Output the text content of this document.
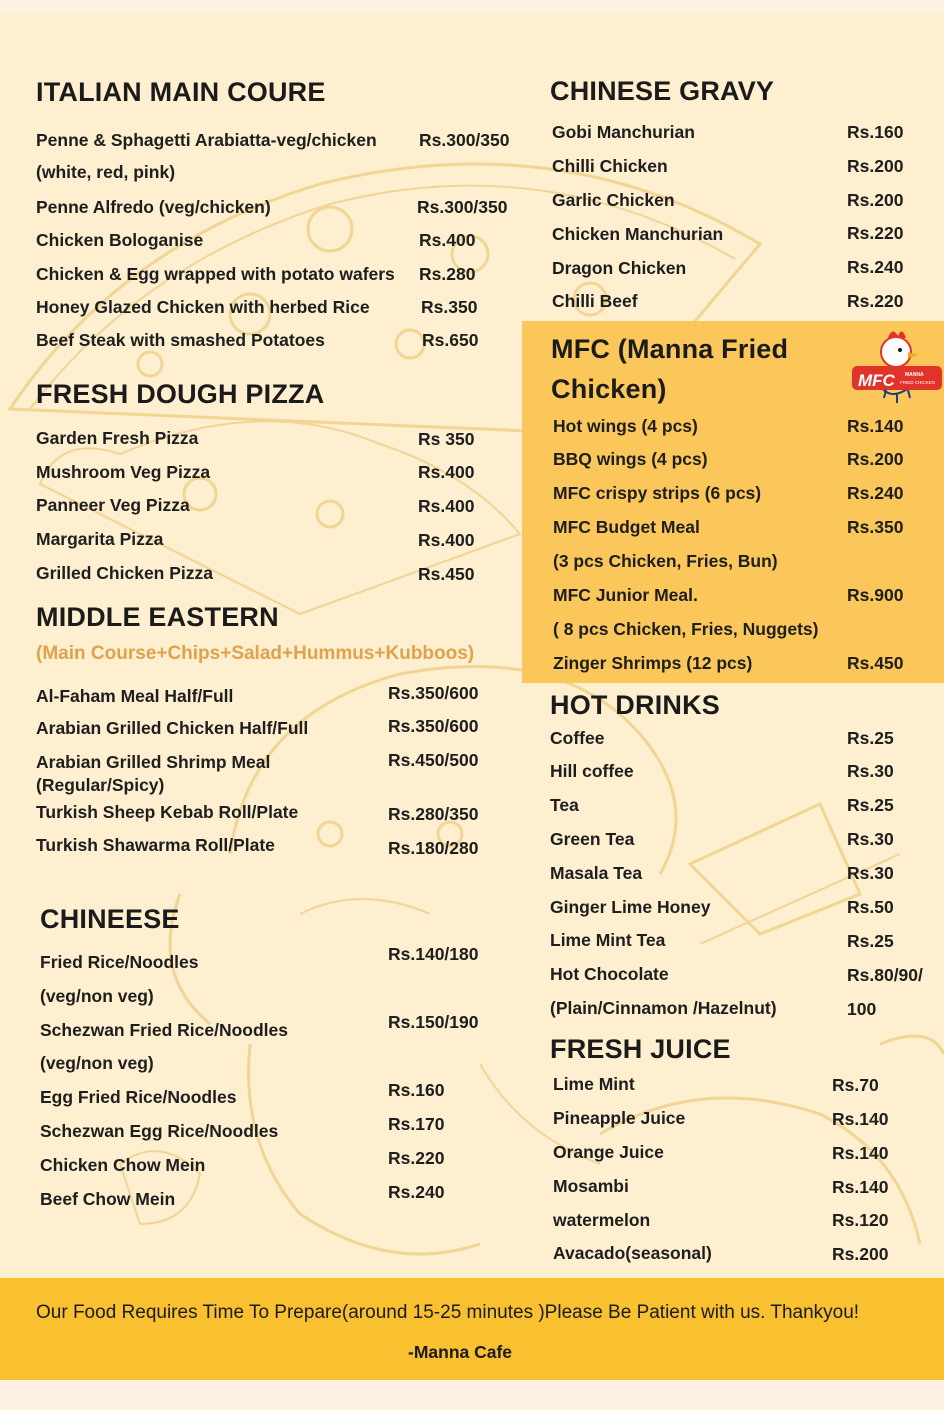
ITALIAN MAIN COURE
Penne & Sphagetti Arabiatta-veg/chicken Rs.300/350
(white, red, pink)
Penne Alfredo (veg/chicken)	Rs.300/350
Chicken Bologanise	Rs.400
Chicken & Egg wrapped with potato wafers Rs.280
Honey Glazed Chicken with herbed Rice	Rs.350
Beef Steak with smashed Potatoes	Rs.650
FRESH DOUGH PIZZA
Garden Fresh Pizza	Rs 350
Mushroom Veg Pizza	Rs.400
Panneer Veg Pizza	Rs.400
Margarita Pizza	Rs.400
Grilled Chicken Pizza	Rs.450
MIDDLE EASTERN
(Main Course+Chips+Salad+Hummus+Kubboos)
Al-Faham Meal Half/Full	Rs.350/600
Arabian Grilled Chicken Half/Full	Rs.350/600
Arabian Grilled Shrimp Meal	Rs.450/500
(Regular/Spicy)
Turkish Sheep Kebab Roll/Plate	Rs.280/350
Turkish Shawarma Roll/Plate	Rs.180/280
CHINEESE
Fried Rice/Noodles	Rs.140/180
(veg/non veg)
Schezwan Fried Rice/Noodles	Rs.150/190
(veg/non veg)
Egg Fried Rice/Noodles	Rs.160
Schezwan Egg Rice/Noodles	Rs.170
Chicken Chow Mein	Rs.220
Beef Chow Mein	Rs.240
CHINESE GRAVY
Gobi Manchurian	Rs.160
Chilli Chicken	Rs.200
Garlic Chicken	Rs.200
Chicken Manchurian	Rs.220
Dragon Chicken	Rs.240
Chilli Beef	Rs.220
MFC (Manna Fried
Chicken)	MFC MANNA
FRIED CHICKEN
Hot wings (4 pcs)	Rs.140
BBQ wings (4 pcs)	Rs.200
MFC crispy strips (6 pcs)	Rs.240
MFC Budget Meal	Rs.350
(3 pcs Chicken, Fries, Bun)
MFC Junior Meal.	Rs.900
( 8 pcs Chicken, Fries, Nuggets)
Zinger Shrimps (12 pcs)	Rs.450
HOT DRINKS
Coffee	Rs.25
Hill coffee	Rs.30
Tea	Rs.25
Green Tea	Rs.30
Masala Tea	Rs.30
Ginger Lime Honey	Rs.50
Lime Mint Tea	Rs.25
Hot Chocolate	Rs.80/90/
(Plain/Cinnamon /Hazelnut)	100
FRESH JUICE
Lime Mint	Rs.70
Pineapple Juice	Rs.140
Orange Juice	Rs.140
Mosambi	Rs.140
watermelon	Rs.120
Avacado(seasonal)	Rs.200
Our Food Requires Time To Prepare(around 15-25 minutes )Please Be Patient with us. Thankyou!
-Manna Cafe
